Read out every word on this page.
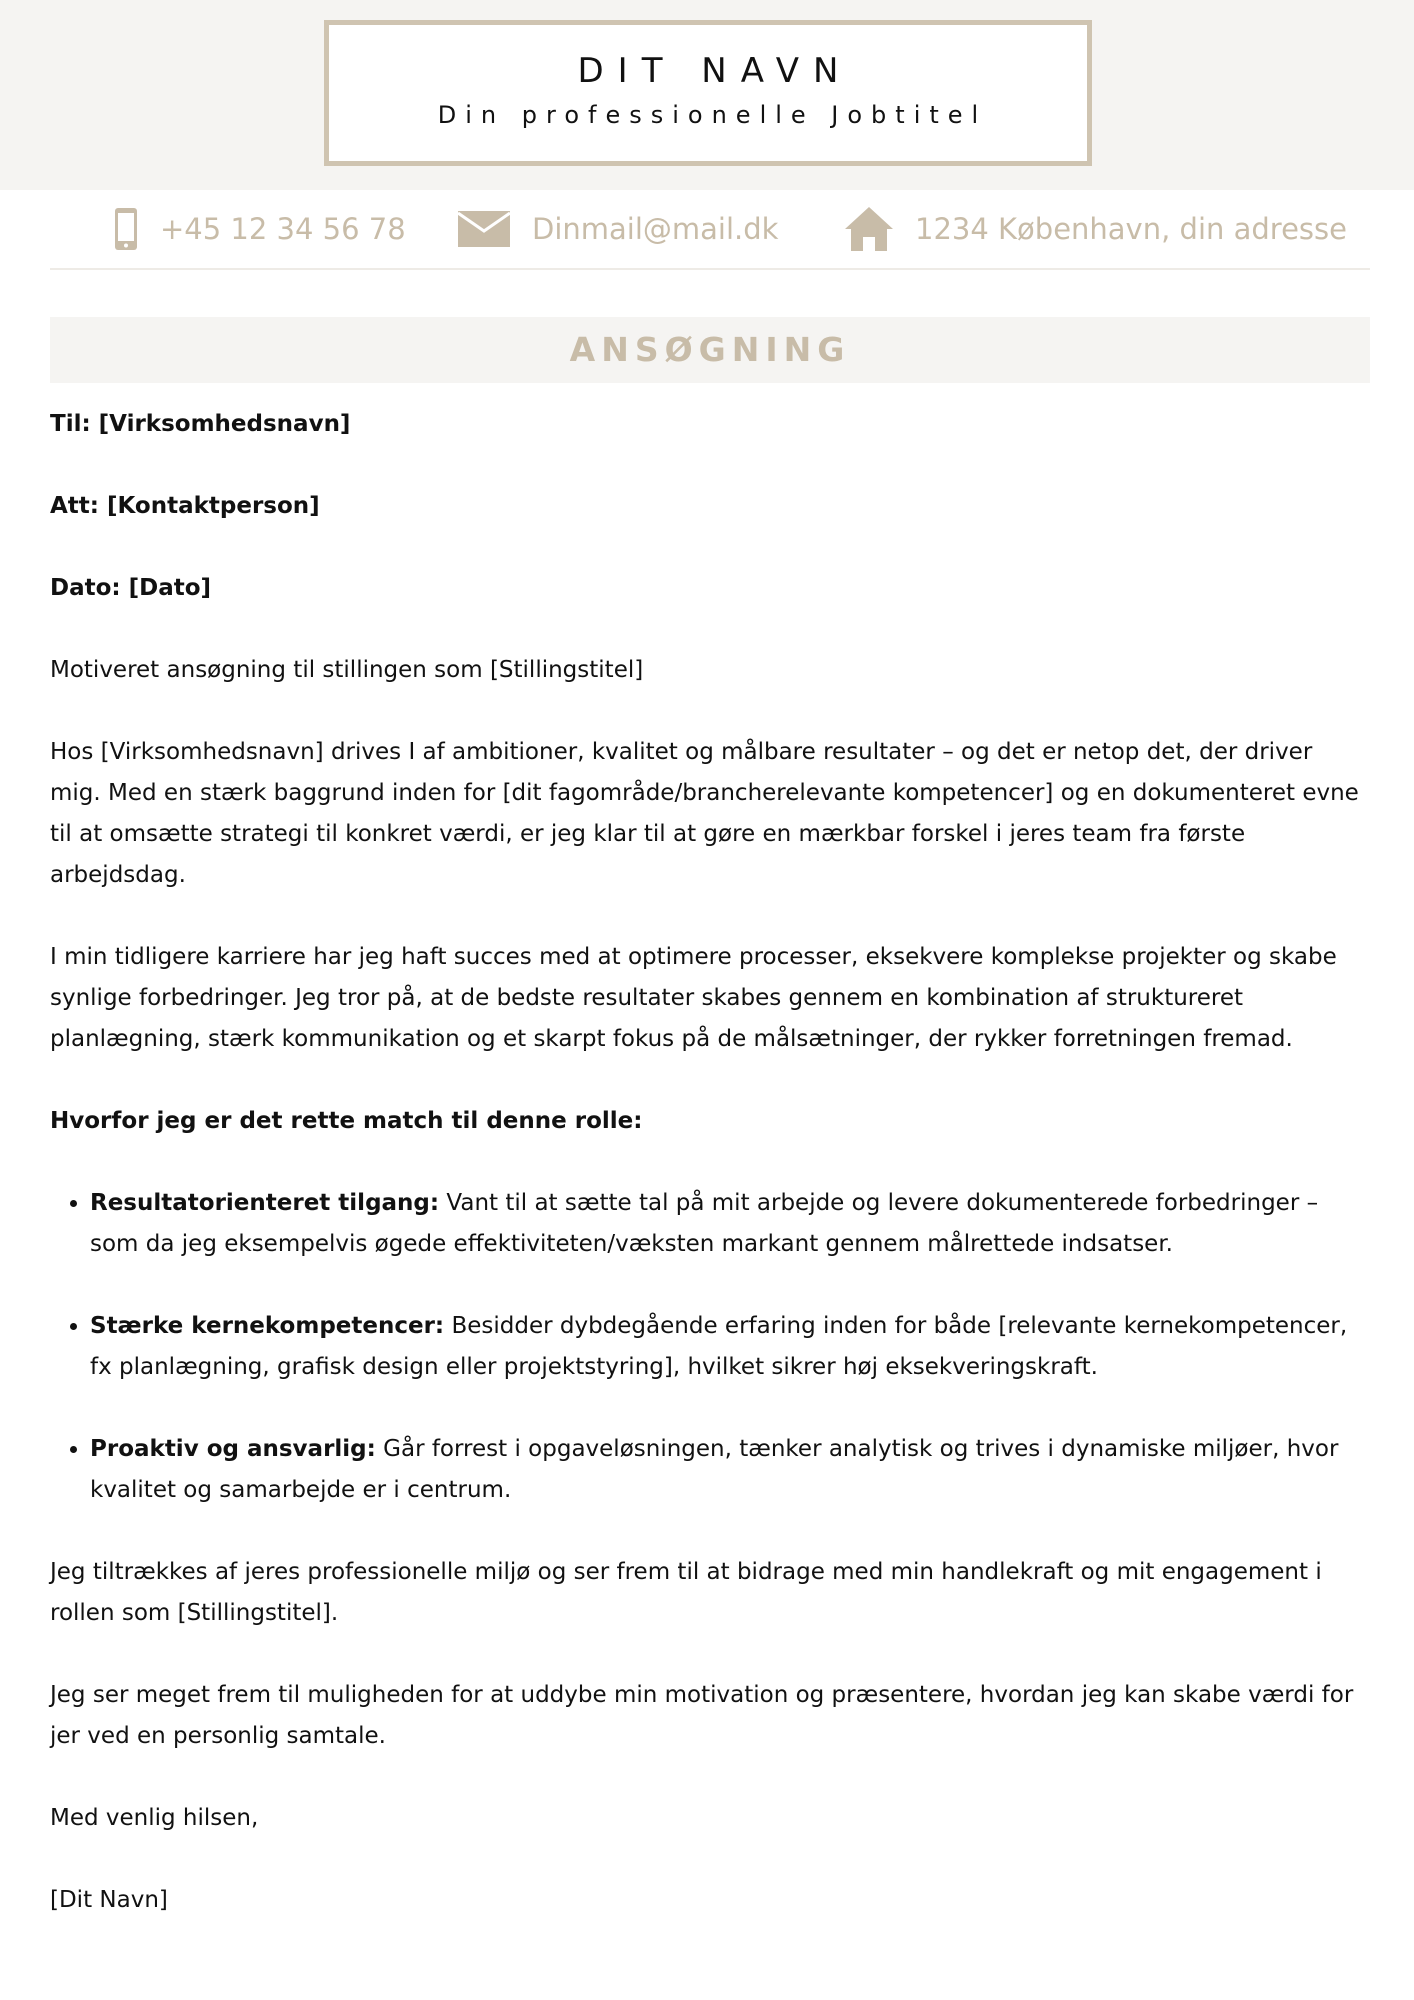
DIT NAVN
Din professionelle Jobtitel
+45 12 34 56 78	Dinmail@mail.dk	1234 København, din adresse
ANSØGNING

Til: [Virksomhedsnavn]

Att: [Kontaktperson]

Dato: [Dato]

Motiveret ansøgning til stillingen som [Stillingstitel]

Hos [Virksomhedsnavn] drives I af ambitioner, kvalitet og målbare resultater – og det er netop det, der driver mig. Med en stærk baggrund inden for [dit fagområde/brancherelevante kompetencer] og en dokumenteret evne til at omsætte strategi til konkret værdi, er jeg klar til at gøre en mærkbar forskel i jeres team fra første arbejdsdag.

I min tidligere karriere har jeg haft succes med at optimere processer, eksekvere komplekse projekter og skabe synlige forbedringer. Jeg tror på, at de bedste resultater skabes gennem en kombination af struktureret planlægning, stærk kommunikation og et skarpt fokus på de målsætninger, der rykker forretningen fremad.

Hvorfor jeg er det rette match til denne rolle:

• Resultatorienteret tilgang: Vant til at sætte tal på mit arbejde og levere dokumenterede forbedringer – som da jeg eksempelvis øgede effektiviteten/væksten markant gennem målrettede indsatser.
• Stærke kernekompetencer: Besidder dybdegående erfaring inden for både [relevante kernekompetencer, fx planlægning, grafisk design eller projektstyring], hvilket sikrer høj eksekveringskraft.
• Proaktiv og ansvarlig: Går forrest i opgaveløsningen, tænker analytisk og trives i dynamiske miljøer, hvor kvalitet og samarbejde er i centrum.

Jeg tiltrækkes af jeres professionelle miljø og ser frem til at bidrage med min handlekraft og mit engagement i rollen som [Stillingstitel].

Jeg ser meget frem til muligheden for at uddybe min motivation og præsentere, hvordan jeg kan skabe værdi for jer ved en personlig samtale.

Med venlig hilsen,

[Dit Navn]
